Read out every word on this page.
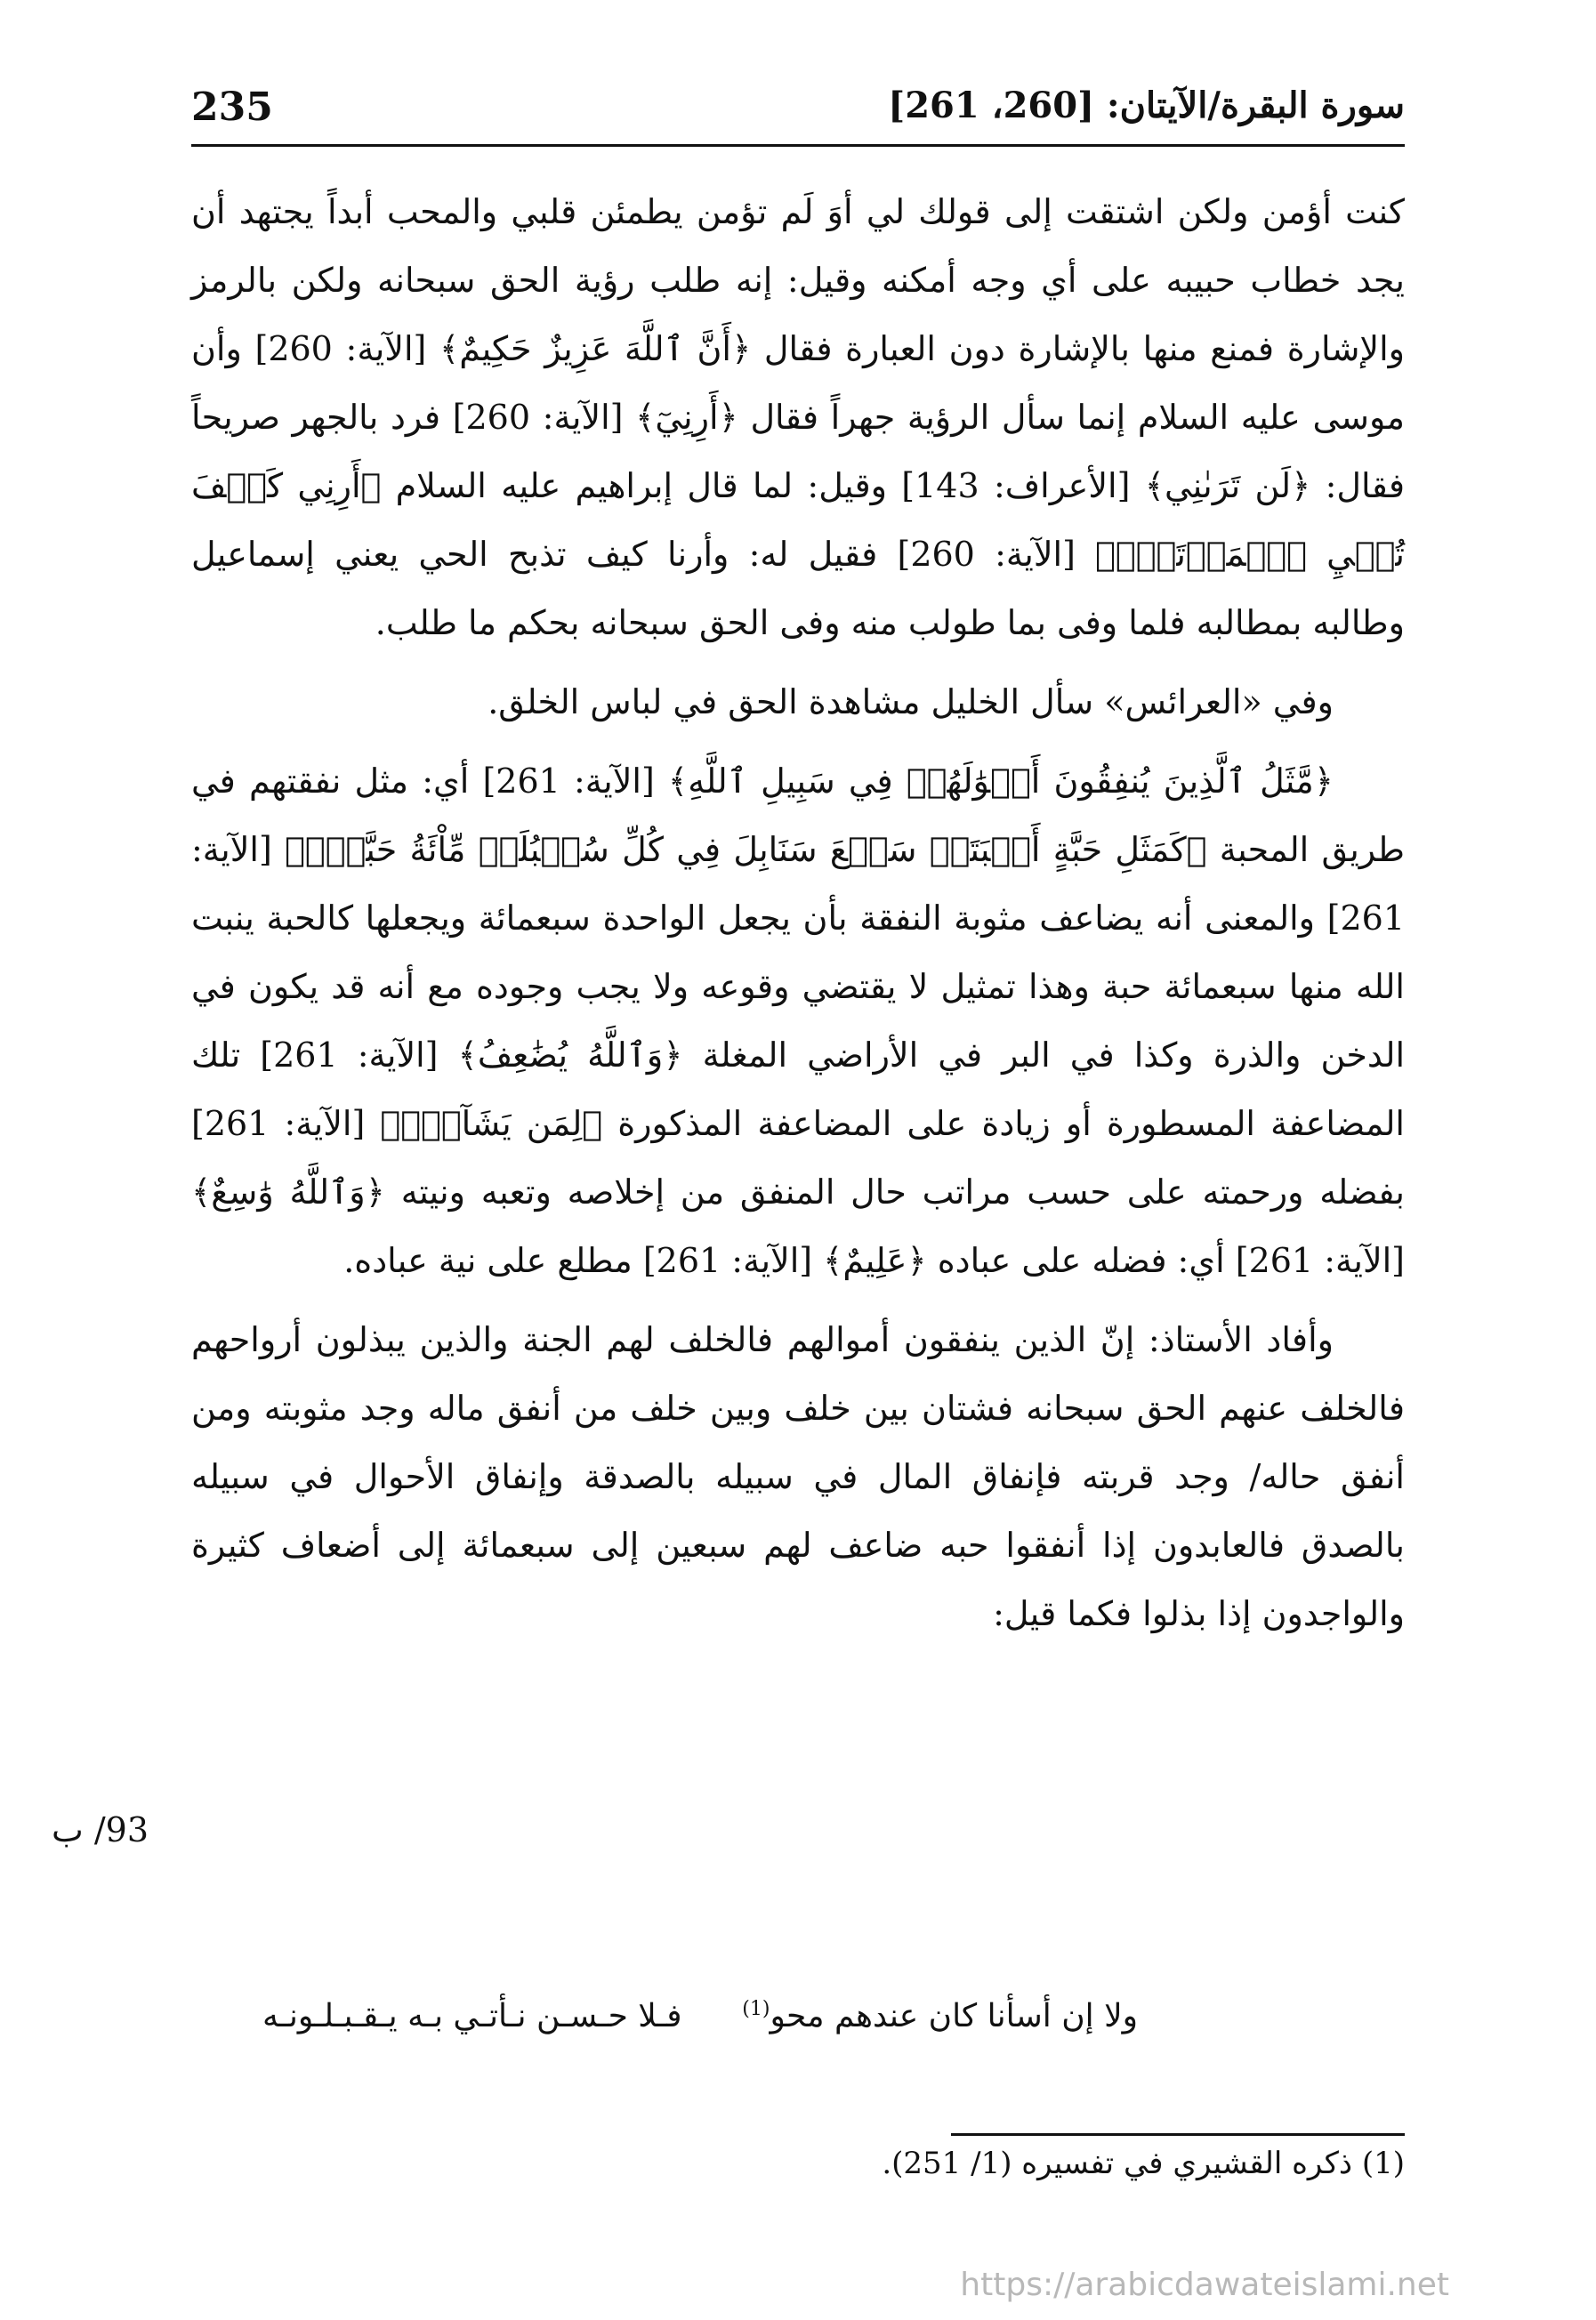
235	سورة البقرة/الآيتان: [260، 261]

كنت أؤمن ولكن اشتقت إلى قولك لي أوَ لَم تؤمن يطمئن قلبي والمحب أبداً يجتهد أن يجد خطاب حبيبه على أي وجه أمكنه وقيل: إنه طلب رؤية الحق سبحانه ولكن بالرمز والإشارة فمنع منها بالإشارة دون العبارة فقال ﴿أَنَّ ٱللَّهَ عَزِيزٌ حَكِيمٌ﴾ [الآية: 260] وأن موسى عليه السلام إنما سأل الرؤية جهراً فقال ﴿أَرِنِيٓ﴾ [الآية: 260] فرد بالجهر صريحاً فقال: ﴿لَن تَرَىٰنِي﴾ [الأعراف: 143] وقيل: لما قال إبراهيم عليه السلام ﴿أَرِنِي كَيۡفَ تُحۡيِ ٱلۡمَوۡتَىٰۖ﴾ [الآية: 260] فقيل له: وأرنا كيف تذبح الحي يعني إسماعيل وطالبه بمطالبه فلما وفى بما طولب منه وفى الحق سبحانه بحكم ما طلب.

وفي «العرائس» سأل الخليل مشاهدة الحق في لباس الخلق.

﴿مَّثَلُ ٱلَّذِينَ يُنفِقُونَ أَمۡوَٰلَهُمۡ فِي سَبِيلِ ٱللَّهِ﴾ [الآية: 261] أي: مثل نفقتهم في طريق المحبة ﴿كَمَثَلِ حَبَّةٍ أَنۢبَتَتۡ سَبۡعَ سَنَابِلَ فِي كُلِّ سُنۢبُلَةٖ مِّاْئَةُ حَبَّةٖۗ﴾ [الآية: 261] والمعنى أنه يضاعف مثوبة النفقة بأن يجعل الواحدة سبعمائة ويجعلها كالحبة ينبت الله منها سبعمائة حبة وهذا تمثيل لا يقتضي وقوعه ولا يجب وجوده مع أنه قد يكون في الدخن والذرة وكذا في البر في الأراضي المغلة ﴿وَٱللَّهُ يُضَٰعِفُ﴾ [الآية: 261] تلك المضاعفة المسطورة أو زيادة على المضاعفة المذكورة ﴿لِمَن يَشَآءُۗ﴾ [الآية: 261] بفضله ورحمته على حسب مراتب حال المنفق من إخلاصه وتعبه ونيته ﴿وَٱللَّهُ وَٰسِعٌ﴾ [الآية: 261] أي: فضله على عباده ﴿عَلِيمٌ﴾ [الآية: 261] مطلع على نية عباده.

وأفاد الأستاذ: إنّ الذين ينفقون أموالهم فالخلف لهم الجنة والذين يبذلون أرواحهم فالخلف عنهم الحق سبحانه فشتان بين خلف وبين خلف من أنفق ماله وجد مثوبته ومن أنفق حاله/ وجد قربته فإنفاق المال في سبيله بالصدقة وإنفاق الأحوال في سبيله بالصدق فالعابدون إذا أنفقوا حبه ضاعف لهم سبعين إلى سبعمائة إلى أضعاف كثيرة والواجدون إذا بذلوا فكما قيل:

ولا إن أسأنا كان عندهم محو$^{(1)}$
فـلا حـسـن نـأتـي بـه يـقـبـلـونـه
93/ ب
(1) ذكره القشيري في تفسيره (1/ 251).
https://arabicdawateislami.net
